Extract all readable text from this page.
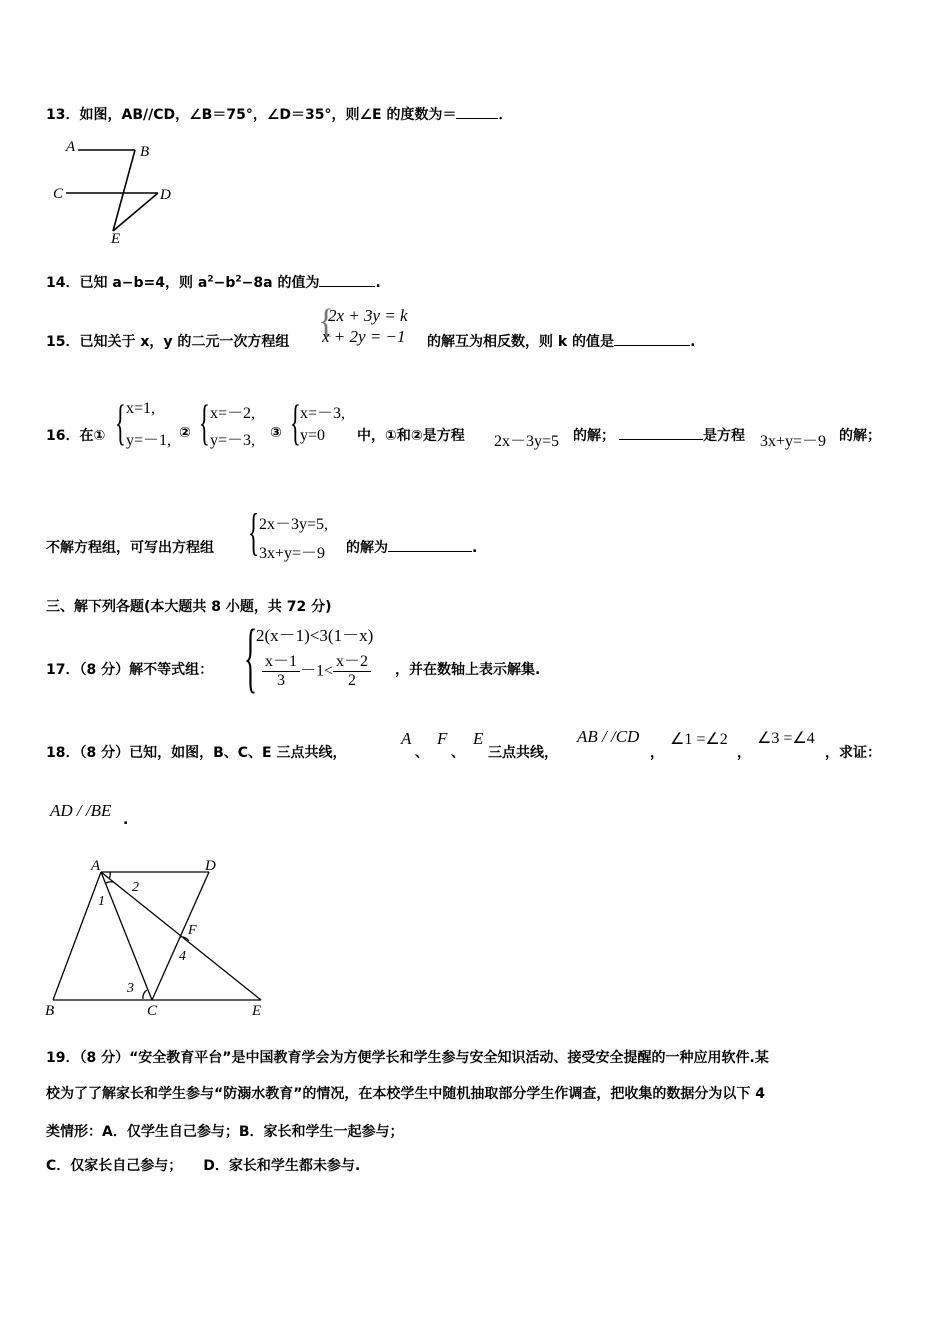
13．如图，AB//CD，∠B＝75°，∠D＝35°，则∠E 的度数为＝	．
A	B
C	D
E
14．已知 a−b=4，则 $a^2-b^2-8a$ 的值为	.
15．已知关于 x，y 的二元一次方程组
{
2x + 3y = k
x + 2y = −1 的解互为相反数，则 k 的值是	.
16．在① { x=1,
y=－1, ② { x=－2,
y=－3, ③ { x=－3,
y=0 中，①和②是方程 2x－3y=5 的解；	是方程 3x+y=－9 的解；
不解方程组，可写出方程组 { 2x－3y=5,
3x+y=－9 的解为	.
三、解下列各题(本大题共 8 小题，共 72 分)
17．（8 分）解不等式组： {
2(x－1)<3(1－x)
$\frac{x-1}{3} -1< \frac{x-2}{2}$ ，并在数轴上表示解集.
18．（8 分）已知，如图，B、C、E 三点共线，
A
、
F
、
E
三点共线，
AB / /CD
，
∠1 =∠2
，
∠3 =∠4
，求证：
AD / /BE .
A	D
F
B	C	E
1
2
3
4
19．（8 分）“安全教育平台”是中国教育学会为方便学长和学生参与安全知识活动、接受安全提醒的一种应用软件.某
校为了了解家长和学生参与“防溺水教育”的情况，在本校学生中随机抽取部分学生作调查，把收集的数据分为以下 4
类情形：A．仅学生自己参与；B．家长和学生一起参与；
C．仅家长自己参与；　　D．家长和学生都未参与.
